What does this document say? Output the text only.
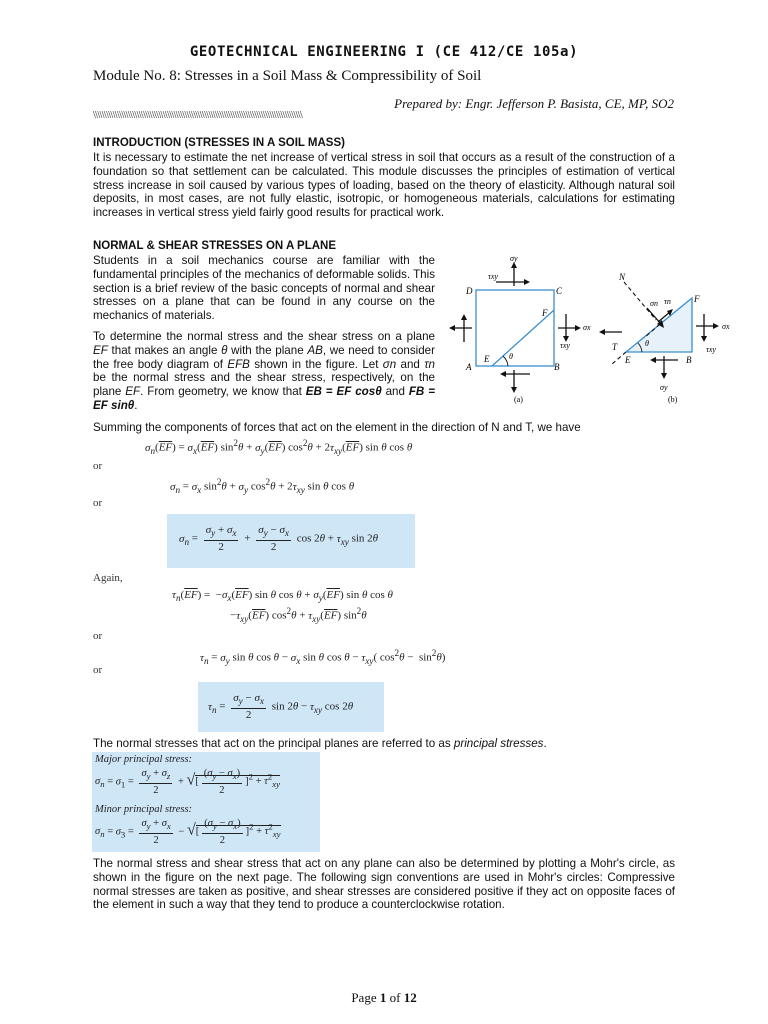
GEOTECHNICAL ENGINEERING I (CE 412/CE 105a)
Module No. 8: Stresses in a Soil Mass & Compressibility of Soil
Prepared by: Engr. Jefferson P. Basista, CE, MP, SO2
\\\\\\\\\\\\\\\\\\\\\\\\\\\\\\\\\\\\\\\\\\\\\\\\\\\\\\\\\\\\\\\\\\\\\\\\\\\\\\\\\\\\\\\\\\\\\\\\
INTRODUCTION (STRESSES IN A SOIL MASS)
It is necessary to estimate the net increase of vertical stress in soil that occurs as a result of the construction of a foundation so that settlement can be calculated. This module discusses the principles of estimation of vertical stress increase in soil caused by various types of loading, based on the theory of elasticity. Although natural soil deposits, in most cases, are not fully elastic, isotropic, or homogeneous materials, calculations for estimating increases in vertical stress yield fairly good results for practical work.
NORMAL & SHEAR STRESSES ON A PLANE
Students in a soil mechanics course are familiar with the fundamental principles of the mechanics of deformable solids. This section is a brief review of the basic concepts of normal and shear stresses on a plane that can be found in any course on the mechanics of materials.
To determine the normal stress and the shear stress on a plane EF that makes an angle θ with the plane AB, we need to consider the free body diagram of EFB shown in the figure. Let σn and τn be the normal stress and the shear stress, respectively, on the plane EF. From geometry, we know that EB = EF cosθ and FB = EF sinθ.
σy
τxy
D	C
F
σx
τxy
E θ
A	B
(a)
N
σn τn	F
σx
T	θ
E	B
τxy
σy
(b)
Summing the components of forces that act on the element in the direction of N and T, we have
$\sigma_n(\overline{EF}) = \sigma_x(\overline{EF}) \sin^2\theta + \sigma_y(\overline{EF}) \cos^2\theta + 2\tau_{xy}(\overline{EF})$ sin θ cos θ
or
$\sigma_n = \sigma_x$ $\sin^2\theta + \sigma_y$ $\cos^2\theta + 2\tau_{xy}$ sin θ cos θ
or
$\sigma_n = \frac{\sigma_y + \sigma_x}{2} + \frac{\sigma_y - \sigma_x}{2}$ $\cos 2\theta + \tau_{xy}$ sin 2θ
Again,
$\tau_n(\overline{EF}) = -\sigma_x(\overline{EF})$ sin θ $\cos \theta + \sigma_y(\overline{EF})$ sin θ cos θ
$-\tau_{xy}(\overline{EF}) \cos^2\theta + \tau_{xy}(\overline{EF})$ $\sin^2\theta$
or
$\tau_n = \sigma_y$ sin θ $\cos \theta - \sigma_x$ sin θ $\cos \theta - \tau_{xy}$( $\cos^2\theta - \sin^2\theta$)
or
$\tau_n = \frac{\sigma_y - \sigma_x}{2}$ $\sin 2\theta - \tau_{xy}$ cos 2θ
The normal stresses that act on the principal planes are referred to as principal stresses.
Major principal stress:
$\sigma_n = \sigma_1 = \frac{\sigma_y + \sigma_z}{2}$ + √[ $\frac{(\sigma_y - \sigma_x)}{2} ]^2 + \tau^2_{xy}$
Minor principal stress:
$\sigma_n = \sigma_3 = \frac{\sigma_y + \sigma_x}{2}$ − √[ $\frac{(\sigma_y - \sigma_x)}{2} ]^2 + \tau^2_{xy}$
The normal stress and shear stress that act on any plane can also be determined by plotting a Mohr's circle, as shown in the figure on the next page. The following sign conventions are used in Mohr's circles: Compressive normal stresses are taken as positive, and shear stresses are considered positive if they act on opposite faces of the element in such a way that they tend to produce a counterclockwise rotation.
Page 1 of 12
